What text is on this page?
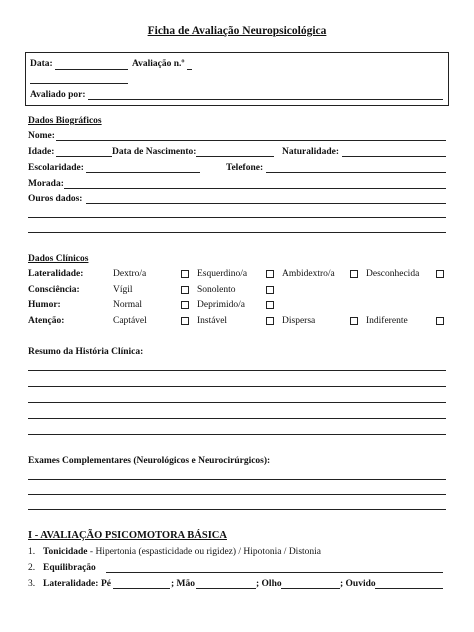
Ficha de Avaliação Neuropsicológica
Data:	Avaliação n.º
Avaliado por:
Dados Biográficos
Nome:
Idade:	Data de Nascimento:	Naturalidade:
Escolaridade:	Telefone:
Morada:
Ouros dados:
Dados Clínicos
Lateralidade:	Dextro/a	Esquerdino/a	Ambidextro/a	Desconhecida
Consciência:	Vígil	Sonolento
Humor:	Normal	Deprimido/a
Atenção:	Captável	Instável	Dispersa	Indiferente
Resumo da História Clínica:
Exames Complementares (Neurológicos e Neurocirúrgicos):
I - AVALIAÇÃO PSICOMOTORA BÁSICA
1. Tonicidade - Hipertonia (espasticidade ou rigidez) / Hipotonia / Distonia
2. Equilibração
3. Lateralidade: Pé	; Mão	; Olho	; Ouvido
